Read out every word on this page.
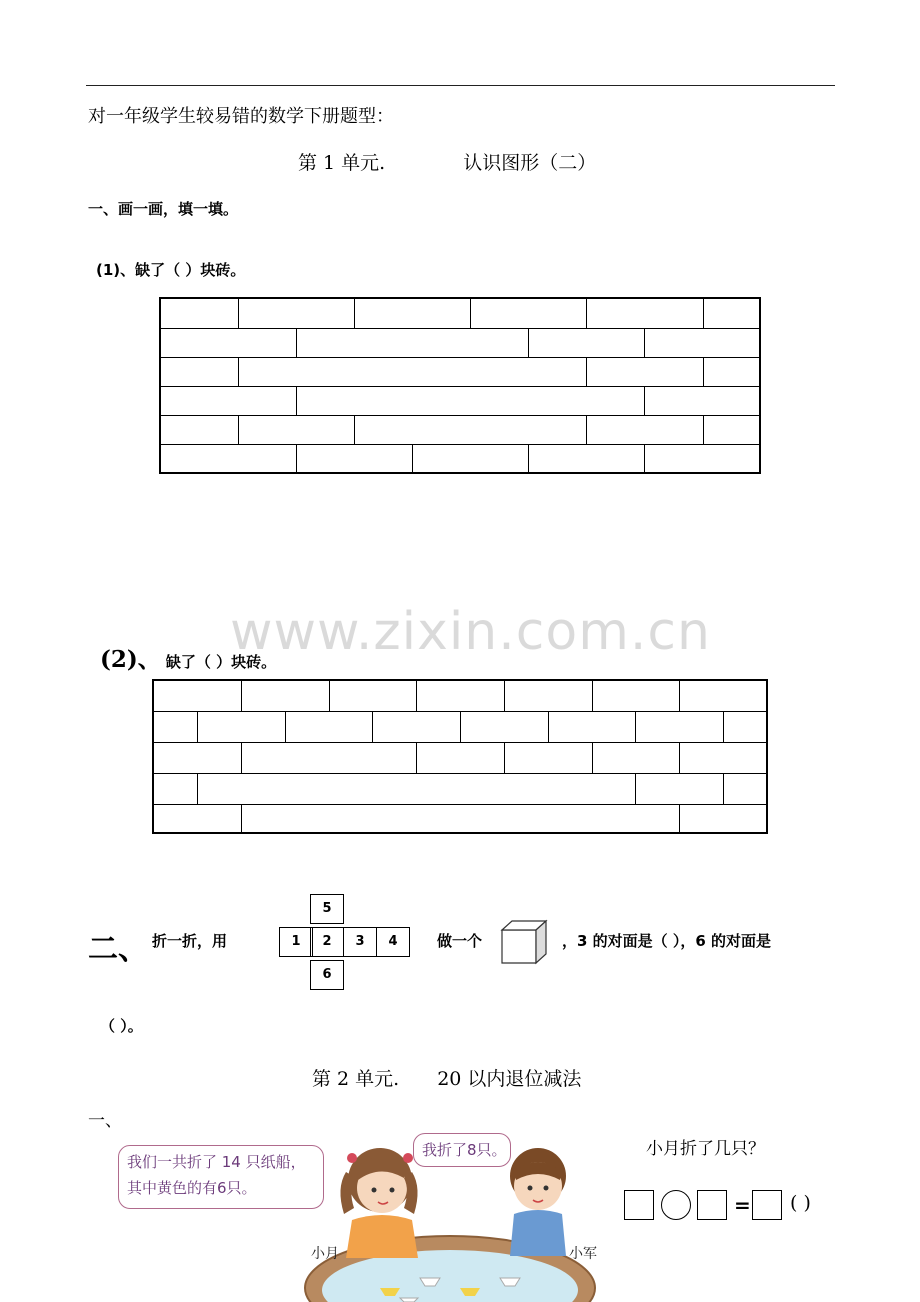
对一年级学生较易错的数学下册题型：
第 1 单元.	认识图形（二）
一、画一画，填一填。
(1)、缺了（ ）块砖。
www.zixin.com.cn
(2)、 缺了（ ）块砖。
二、 折一折，用
5
1	2	3	4
6
做一个	，3 的对面是（ ），6 的对面是
（ ）。
第 2 单元. 20 以内退位减法
一、
我们一共折了 14 只纸船，其中黄色的有6只。
我折了8只。
小月	小军
小月折了几只？
= ( )
